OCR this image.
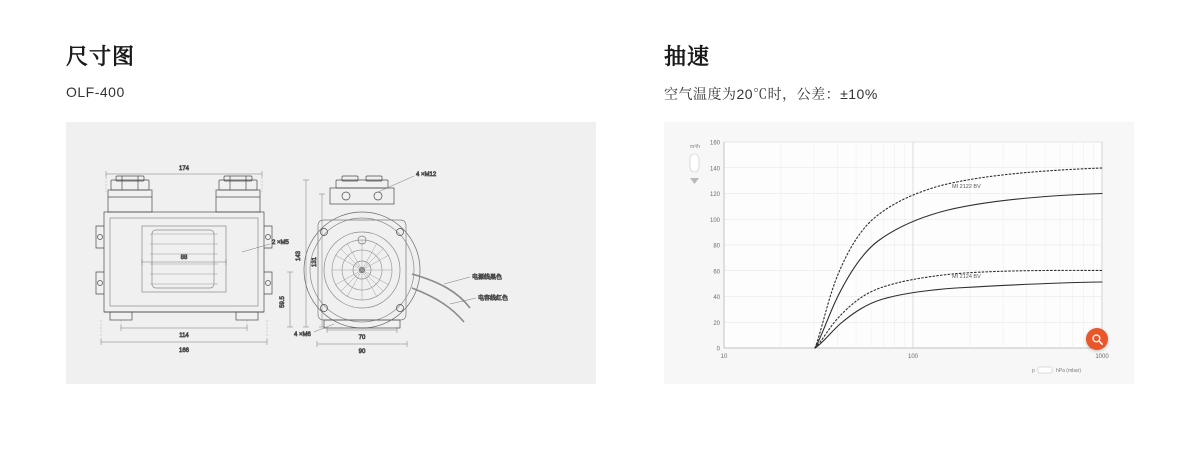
尺寸图
OLF-400
174
88
2 ×M5
114
166
143
131
59.5
4 ×M12
电源线黑色
电容线红色
4 ×M6	70
90
抽速
空气温度为20℃时，公差：±10%
m³/h
160
140
120
100
80
60
40
20
0
10	100	1000
MI 2122 BV
MI 2124 BV
p	hPa (mbar)
